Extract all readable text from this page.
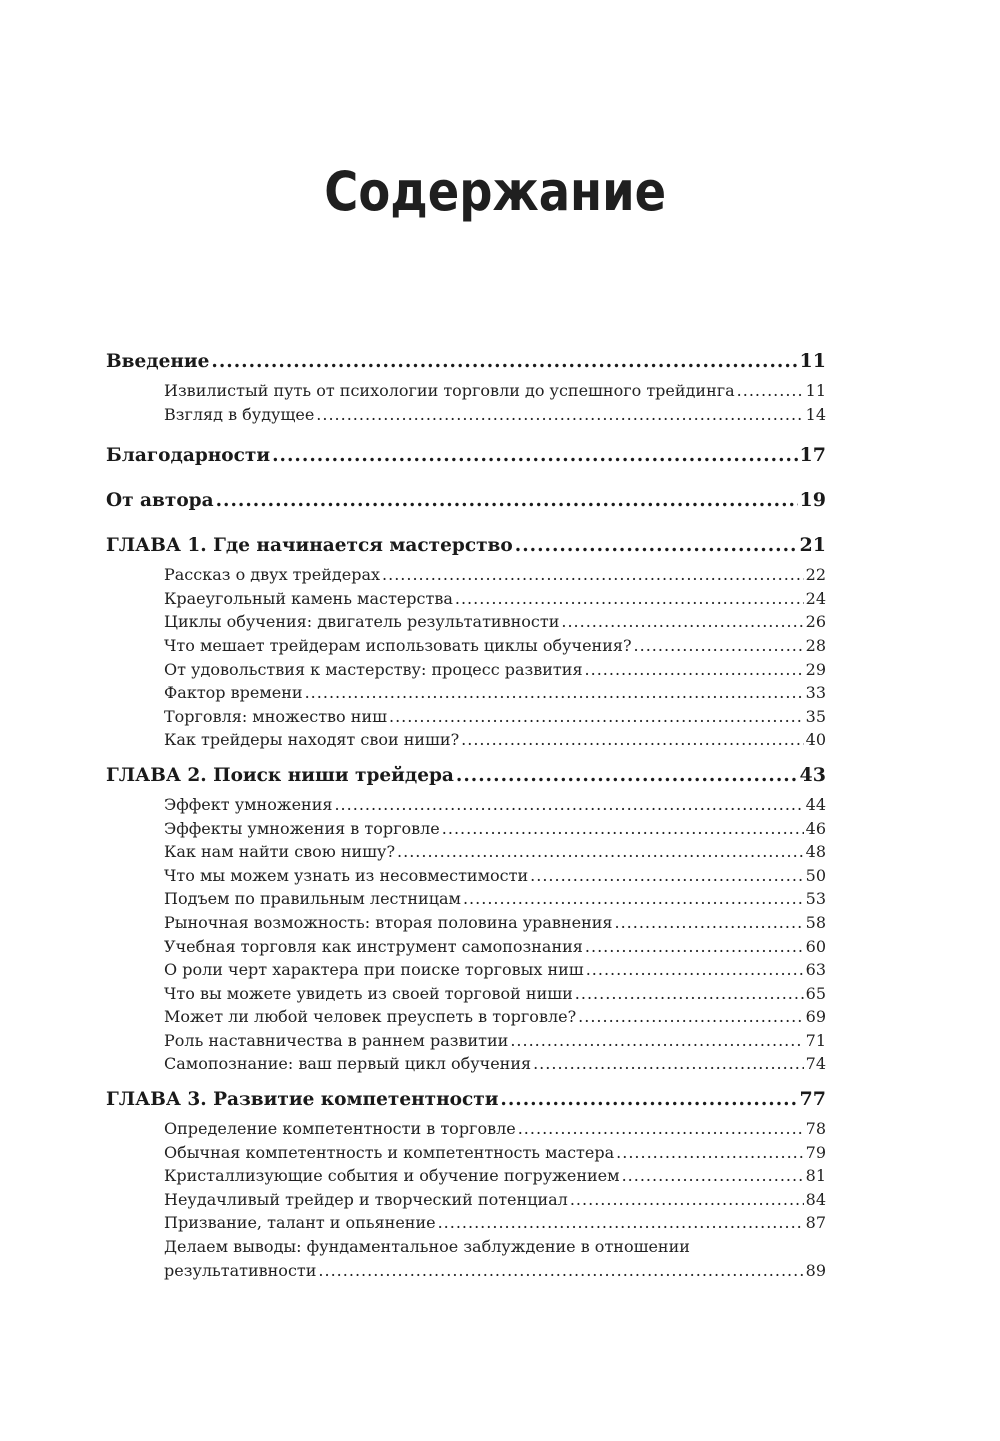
Содержание
Введение .....	11
Извилистый путь от психологии торговли до успешного трейдинга .....	11
Взгляд в будущее .....	14
Благодарности .....	17
От автора .....	19
ГЛАВА 1. Где начинается мастерство .....	21
Рассказ о двух трейдерах .....	22
Краеугольный камень мастерства .....	24
Циклы обучения: двигатель результативности .....	26
Что мешает трейдерам использовать циклы обучения? .....	28
От удовольствия к мастерству: процесс развития .....	29
Фактор времени .....	33
Торговля: множество ниш .....	35
Как трейдеры находят свои ниши? .....	40
ГЛАВА 2. Поиск ниши трейдера .....	43
Эффект умножения .....	44
Эффекты умножения в торговле .....	46
Как нам найти свою нишу? .....	48
Что мы можем узнать из несовместимости .....	50
Подъем по правильным лестницам .....	53
Рыночная возможность: вторая половина уравнения .....	58
Учебная торговля как инструмент самопознания .....	60
О роли черт характера при поиске торговых ниш .....	63
Что вы можете увидеть из своей торговой ниши .....	65
Может ли любой человек преуспеть в торговле? .....	69
Роль наставничества в раннем развитии .....	71
Самопознание: ваш первый цикл обучения .....	74
ГЛАВА 3. Развитие компетентности .....	77
Определение компетентности в торговле .....	78
Обычная компетентность и компетентность мастера .....	79
Кристаллизующие события и обучение погружением .....	81
Неудачливый трейдер и творческий потенциал .....	84
Призвание, талант и опьянение .....	87
Делаем выводы: фундаментальное заблуждение в отношении
результативности .....	89
